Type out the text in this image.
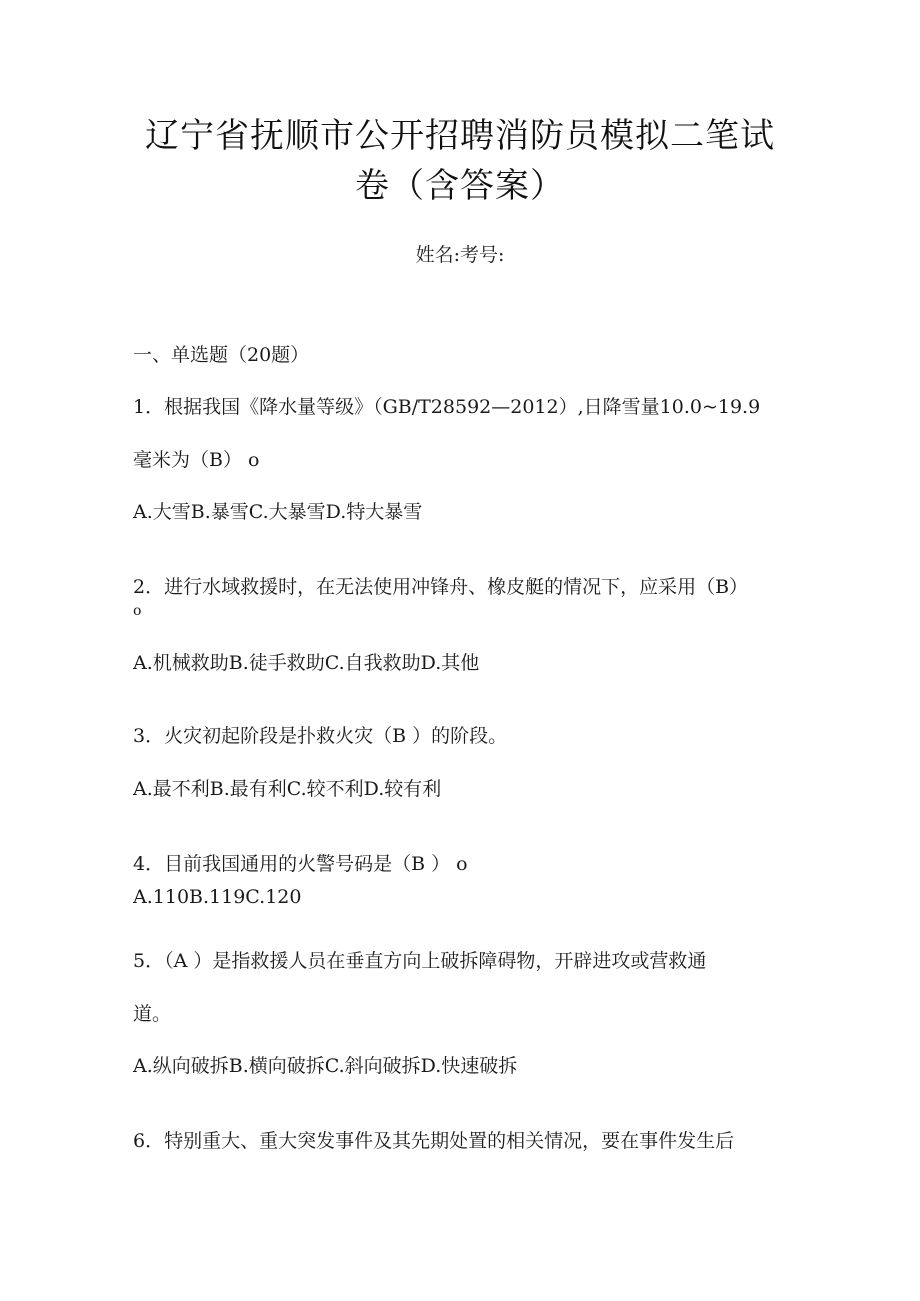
辽宁省抚顺市公开招聘消防员模拟二笔试
卷（含答案）
姓名:考号:
一、单选题（20题）
1．根据我国《降水量等级》（GB/T28592—2012）,日降雪量10.0~19.9
毫米为（B） o
A.大雪B.暴雪C.大暴雪D.特大暴雪
2．进行水域救援时，在无法使用冲锋舟、橡皮艇的情况下，应采用（B）
o
A.机械救助B.徒手救助C.自我救助D.其他
3．火灾初起阶段是扑救火灾（B ）的阶段。
A.最不利B.最有利C.较不利D.较有利
4．目前我国通用的火警号码是（B ） o
A.110B.119C.120
5．（A ）是指救援人员在垂直方向上破拆障碍物，开辟进攻或营救通
道。
A.纵向破拆B.横向破拆C.斜向破拆D.快速破拆
6．特别重大、重大突发事件及其先期处置的相关情况，要在事件发生后
